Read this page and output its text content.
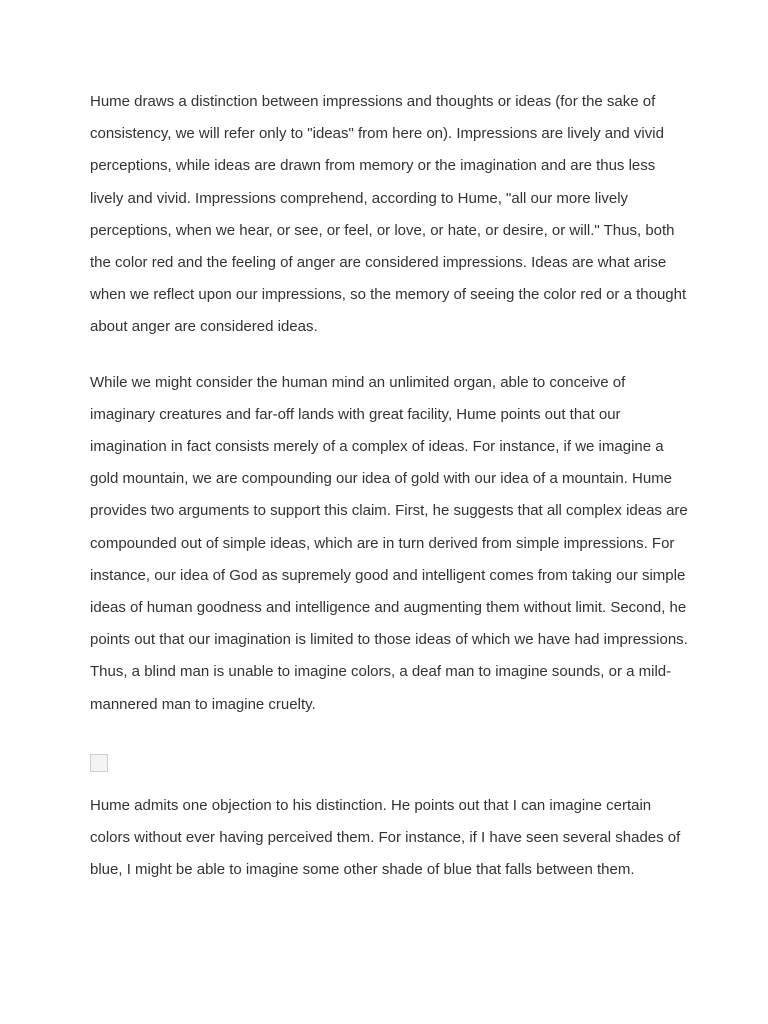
Hume draws a distinction between impressions and thoughts or ideas (for the sake of consistency, we will refer only to "ideas" from here on). Impressions are lively and vivid perceptions, while ideas are drawn from memory or the imagination and are thus less lively and vivid. Impressions comprehend, according to Hume, "all our more lively perceptions, when we hear, or see, or feel, or love, or hate, or desire, or will." Thus, both the color red and the feeling of anger are considered impressions. Ideas are what arise when we reflect upon our impressions, so the memory of seeing the color red or a thought about anger are considered ideas.

While we might consider the human mind an unlimited organ, able to conceive of imaginary creatures and far-off lands with great facility, Hume points out that our imagination in fact consists merely of a complex of ideas. For instance, if we imagine a gold mountain, we are compounding our idea of gold with our idea of a mountain. Hume provides two arguments to support this claim. First, he suggests that all complex ideas are compounded out of simple ideas, which are in turn derived from simple impressions. For instance, our idea of God as supremely good and intelligent comes from taking our simple ideas of human goodness and intelligence and augmenting them without limit. Second, he points out that our imagination is limited to those ideas of which we have had impressions. Thus, a blind man is unable to imagine colors, a deaf man to imagine sounds, or a mild-mannered man to imagine cruelty.

Hume admits one objection to his distinction. He points out that I can imagine certain colors without ever having perceived them. For instance, if I have seen several shades of blue, I might be able to imagine some other shade of blue that falls between them.
